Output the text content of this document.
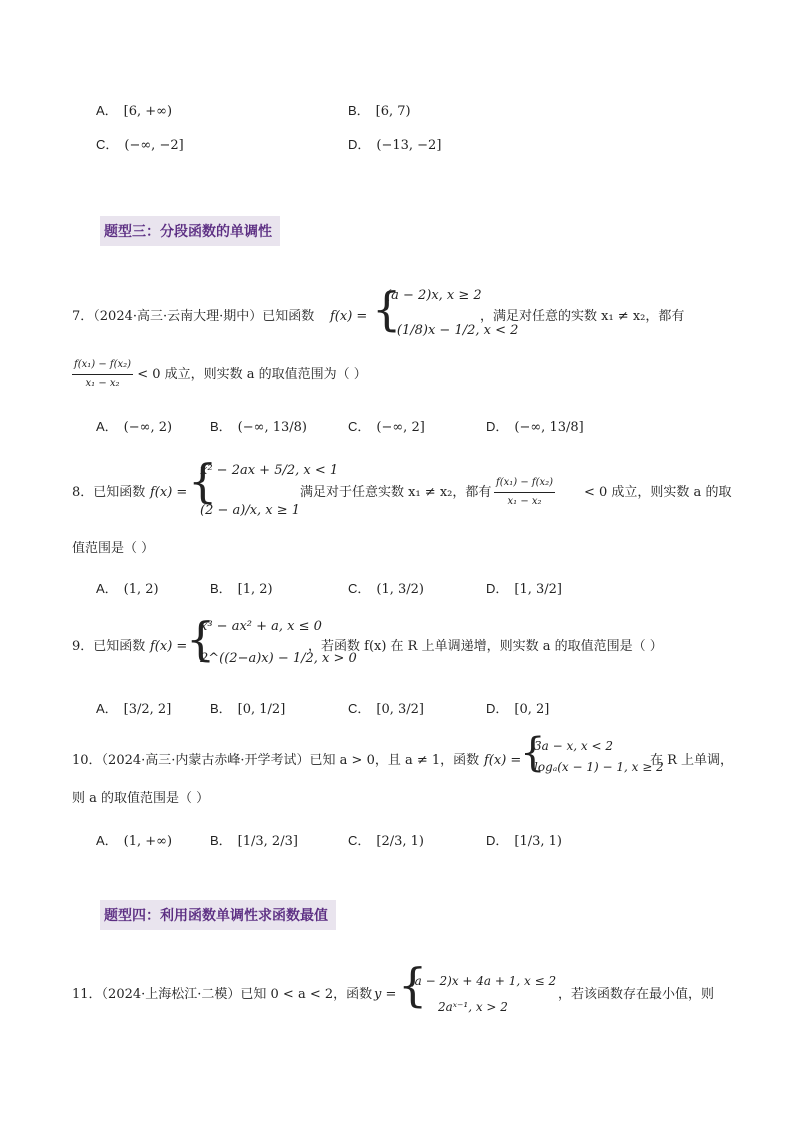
A． [6, +∞)	B． [6, 7)
C． (−∞, −2]	D． (−13, −2]
题型三：分段函数的单调性
7．（2024·高三·云南大理·期中）已知函数 f(x) = {
(a − 2)x, x ≥ 2
−(1/8)x − 1/2, x < 2
，满足对任意的实数 x₁ ≠ x₂，都有
$\frac{\text{f(x₁) − f(x₂)}}{\text{x₁ − x₂}} < 0$ 成立，则实数 a 的取值范围为（ ）
A． (−∞, 2)	B． (−∞, 13/8)	C． (−∞, 2]	D． (−∞, 13/8]
8．已知函数 f(x) = {
x² − 2ax + 5/2, x < 1
(2 − a)/x, x ≥ 1
满足对于任意实数 x₁ ≠ x₂，都有 $\frac{\text{f(x₁) − f(x₂)}}{\text{x₁ − x₂}} < 0$ 成立，则实数 a 的取
值范围是（ ）
A． (1, 2)	B． [1, 2)	C． (1, 3/2)	D． [1, 3/2]
9．已知函数 f(x) =
{
x³ − ax² + a, x ≤ 0
2^((2−a)x) − 1/2, x > 0
，若函数 f(x) 在 R 上单调递增，则实数 a 的取值范围是（ ）
A． [3/2, 2]	B． [0, 1/2]	C． [0, 3/2]	D． [0, 2]
10．（2024·高三·内蒙古赤峰·开学考试）已知 a > 0，且 a ≠ 1，函数 f(x) =
{
3a − x, x < 2
logₐ(x − 1) − 1, x ≥ 2
在 R 上单调，
则 a 的取值范围是（ ）
A． (1, +∞)	B． [1/3, 2/3]	C． [2/3, 1)	D． [1/3, 1)
题型四：利用函数单调性求函数最值
11．（2024·上海松江·二模）已知 0 < a < 2，函数 y = {
(a − 2)x + 4a + 1, x ≤ 2
2aˣ⁻¹, x > 2
，若该函数存在最小值，则
